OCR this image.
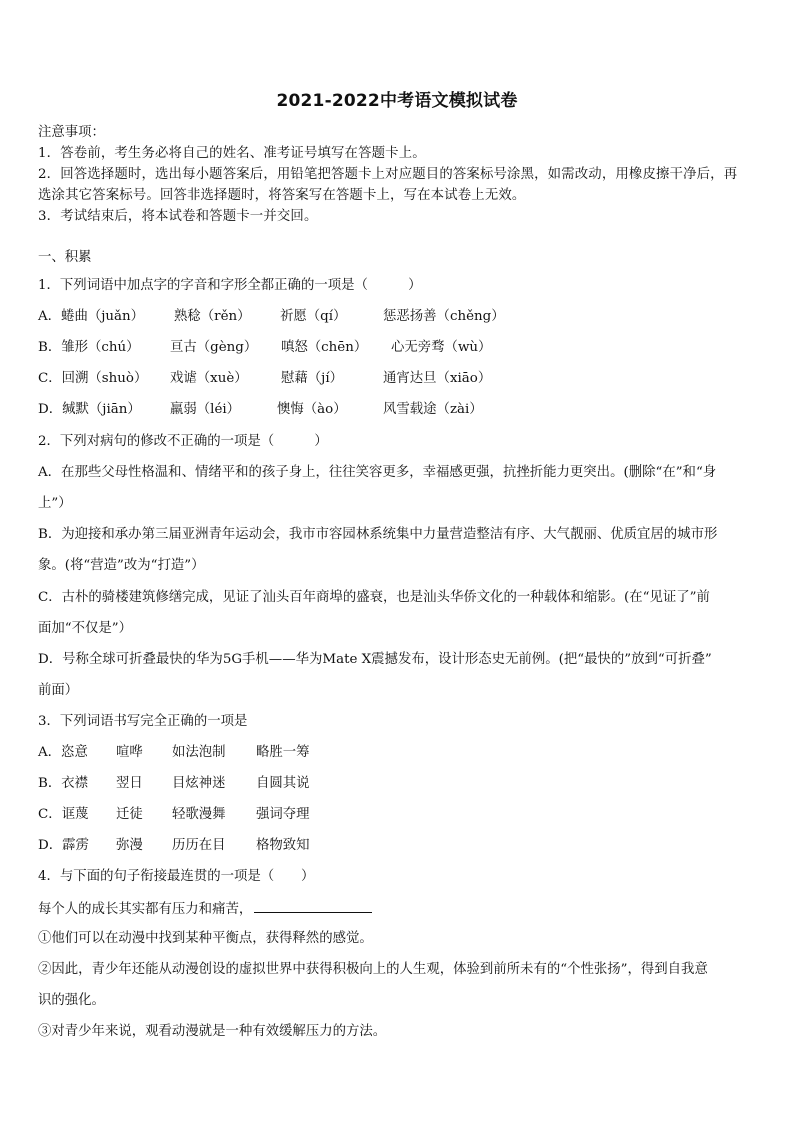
2021-2022中考语文模拟试卷
注意事项：
1．答卷前，考生务必将自己的姓名、准考证号填写在答题卡上。
2．回答选择题时，选出每小题答案后，用铅笔把答题卡上对应题目的答案标号涂黑，如需改动，用橡皮擦干净后，再
选涂其它答案标号。回答非选择题时，将答案写在答题卡上，写在本试卷上无效。
3．考试结束后，将本试卷和答题卡一并交回。
一、积累
1．下列词语中加点字的字音和字形全都正确的一项是（　　　）
A．蜷曲（juǎn） 熟稔（rěn） 祈愿（qí）	惩恶扬善（chěng）
B．雏形（chú） 亘古（gèng） 嗔怒（chēn） 心无旁骛（wù）
C．回溯（shuò） 戏谑（xuè） 慰藉（jí）	通宵达旦（xiāo）
D．缄默（jiān） 羸弱（léi）	懊悔（ào）	风雪载途（zài）
2．下列对病句的修改不正确的一项是（　　　）
A．在那些父母性格温和、情绪平和的孩子身上，往往笑容更多，幸福感更强，抗挫折能力更突出。(删除“在”和“身
上”）
B．为迎接和承办第三届亚洲青年运动会，我市市容园林系统集中力量营造整洁有序、大气靓丽、优质宜居的城市形
象。(将“营造”改为“打造”）
C．古朴的骑楼建筑修缮完成，见证了汕头百年商埠的盛衰，也是汕头华侨文化的一种载体和缩影。(在“见证了”前
面加“不仅是”）
D．号称全球可折叠最快的华为5G手机——华为Mate X震撼发布，设计形态史无前例。(把“最快的”放到“可折叠”
前面）
3．下列词语书写完全正确的一项是
A．恣意 喧哗 如法泡制 略胜一筹
B．衣襟 翌日 目炫神迷 自圆其说
C．诓蔑 迁徒 轻歌漫舞 强词夺理
D．霹雳 弥漫 历历在目 格物致知
4．与下面的句子衔接最连贯的一项是（　　）
每个人的成长其实都有压力和痛苦，
①他们可以在动漫中找到某种平衡点，获得释然的感觉。
②因此，青少年还能从动漫创设的虚拟世界中获得积极向上的人生观，体验到前所未有的“个性张扬”，得到自我意
识的强化。
③对青少年来说，观看动漫就是一种有效缓解压力的方法。
